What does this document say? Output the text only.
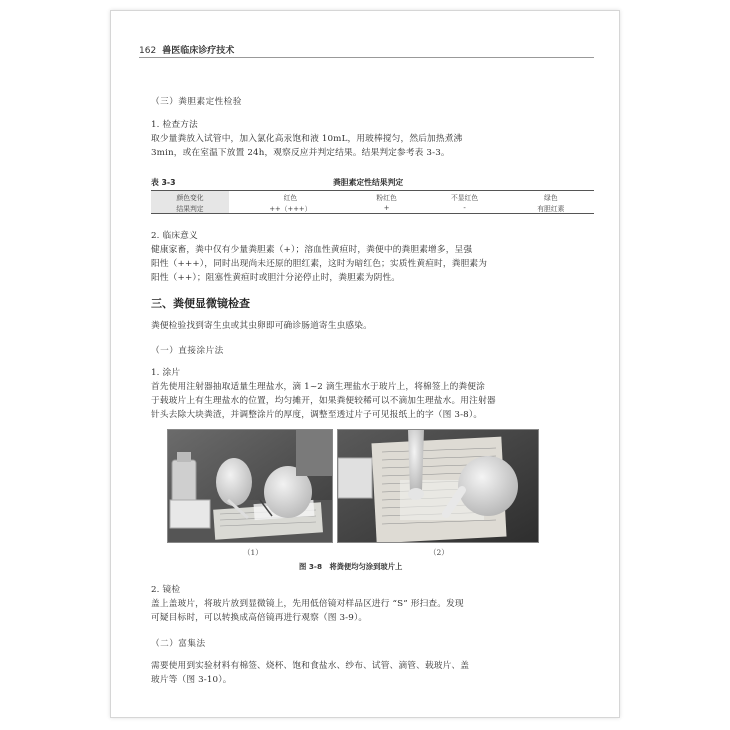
162 兽医临床诊疗技术
（三）粪胆素定性检验
1. 检查方法

取少量粪放入试管中，加入氯化高汞饱和液 10mL，用玻棒搅匀，然后加热煮沸

3min，或在室温下放置 24h，观察反应并判定结果。结果判定参考表 3-3。

表 3-3	粪胆素定性结果判定
颜色变化	红色	粉红色	不显红色	绿色
结果判定	++（+++）	+	-	有胆红素
2. 临床意义

健康家畜，粪中仅有少量粪胆素（+）；溶血性黄疸时，粪便中的粪胆素增多，呈强

阳性（+++），同时出现尚未还原的胆红素，这时为暗红色；实质性黄疸时，粪胆素为

阳性（++）；阻塞性黄疸时或胆汁分泌停止时，粪胆素为阴性。

三、粪便显微镜检查
粪便检验找到寄生虫或其虫卵即可确诊肠道寄生虫感染。
（一）直接涂片法
1. 涂片

首先使用注射器抽取适量生理盐水，滴 1~2 滴生理盐水于玻片上，将棉签上的粪便涂

于载玻片上有生理盐水的位置，均匀摊开，如果粪便较稀可以不滴加生理盐水。用注射器

针头去除大块粪渣，并调整涂片的厚度，调整至透过片子可见报纸上的字（图 3-8）。

（1）	（2）
图 3-8　将粪便均匀涂到玻片上
2. 镜检

盖上盖玻片，将玻片放到显微镜上，先用低倍镜对样品区进行 “S” 形扫查。发现

可疑目标时，可以转换成高倍镜再进行观察（图 3-9）。

（二）富集法

需要使用到实验材料有棉签、烧杯、饱和食盐水、纱布、试管、滴管、载玻片、盖

玻片等（图 3-10）。
